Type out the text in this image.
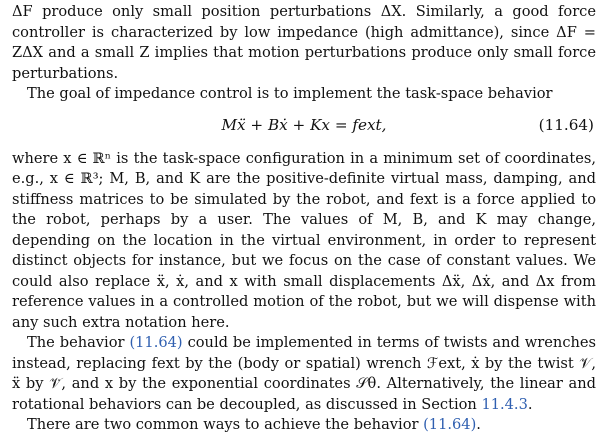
ΔF produce only small position perturbations ΔX. Similarly, a good force controller is characterized by low impedance (high admittance), since ΔF = ZΔX and a small Z implies that motion perturbations produce only small force perturbations.

The goal of impedance control is to implement the task-space behavior

Mẍ + Bẋ + Kx = fext,	(11.64)

where x ∈ ℝⁿ is the task-space configuration in a minimum set of coordinates, e.g., x ∈ ℝ³; M, B, and K are the positive-definite virtual mass, damping, and stiffness matrices to be simulated by the robot, and fext is a force applied to the robot, perhaps by a user. The values of M, B, and K may change, depending on the location in the virtual environment, in order to represent distinct objects for instance, but we focus on the case of constant values. We could also replace ẍ, ẋ, and x with small displacements Δẍ, Δẋ, and Δx from reference values in a controlled motion of the robot, but we will dispense with any such extra notation here.

The behavior (11.64) could be implemented in terms of twists and wrenches instead, replacing fext by the (body or spatial) wrench ℱext, ẋ by the twist 𝒱, ẍ by 𝒱̇, and x by the exponential coordinates 𝒮θ. Alternatively, the linear and rotational behaviors can be decoupled, as discussed in Section 11.4.3.

There are two common ways to achieve the behavior (11.64).
